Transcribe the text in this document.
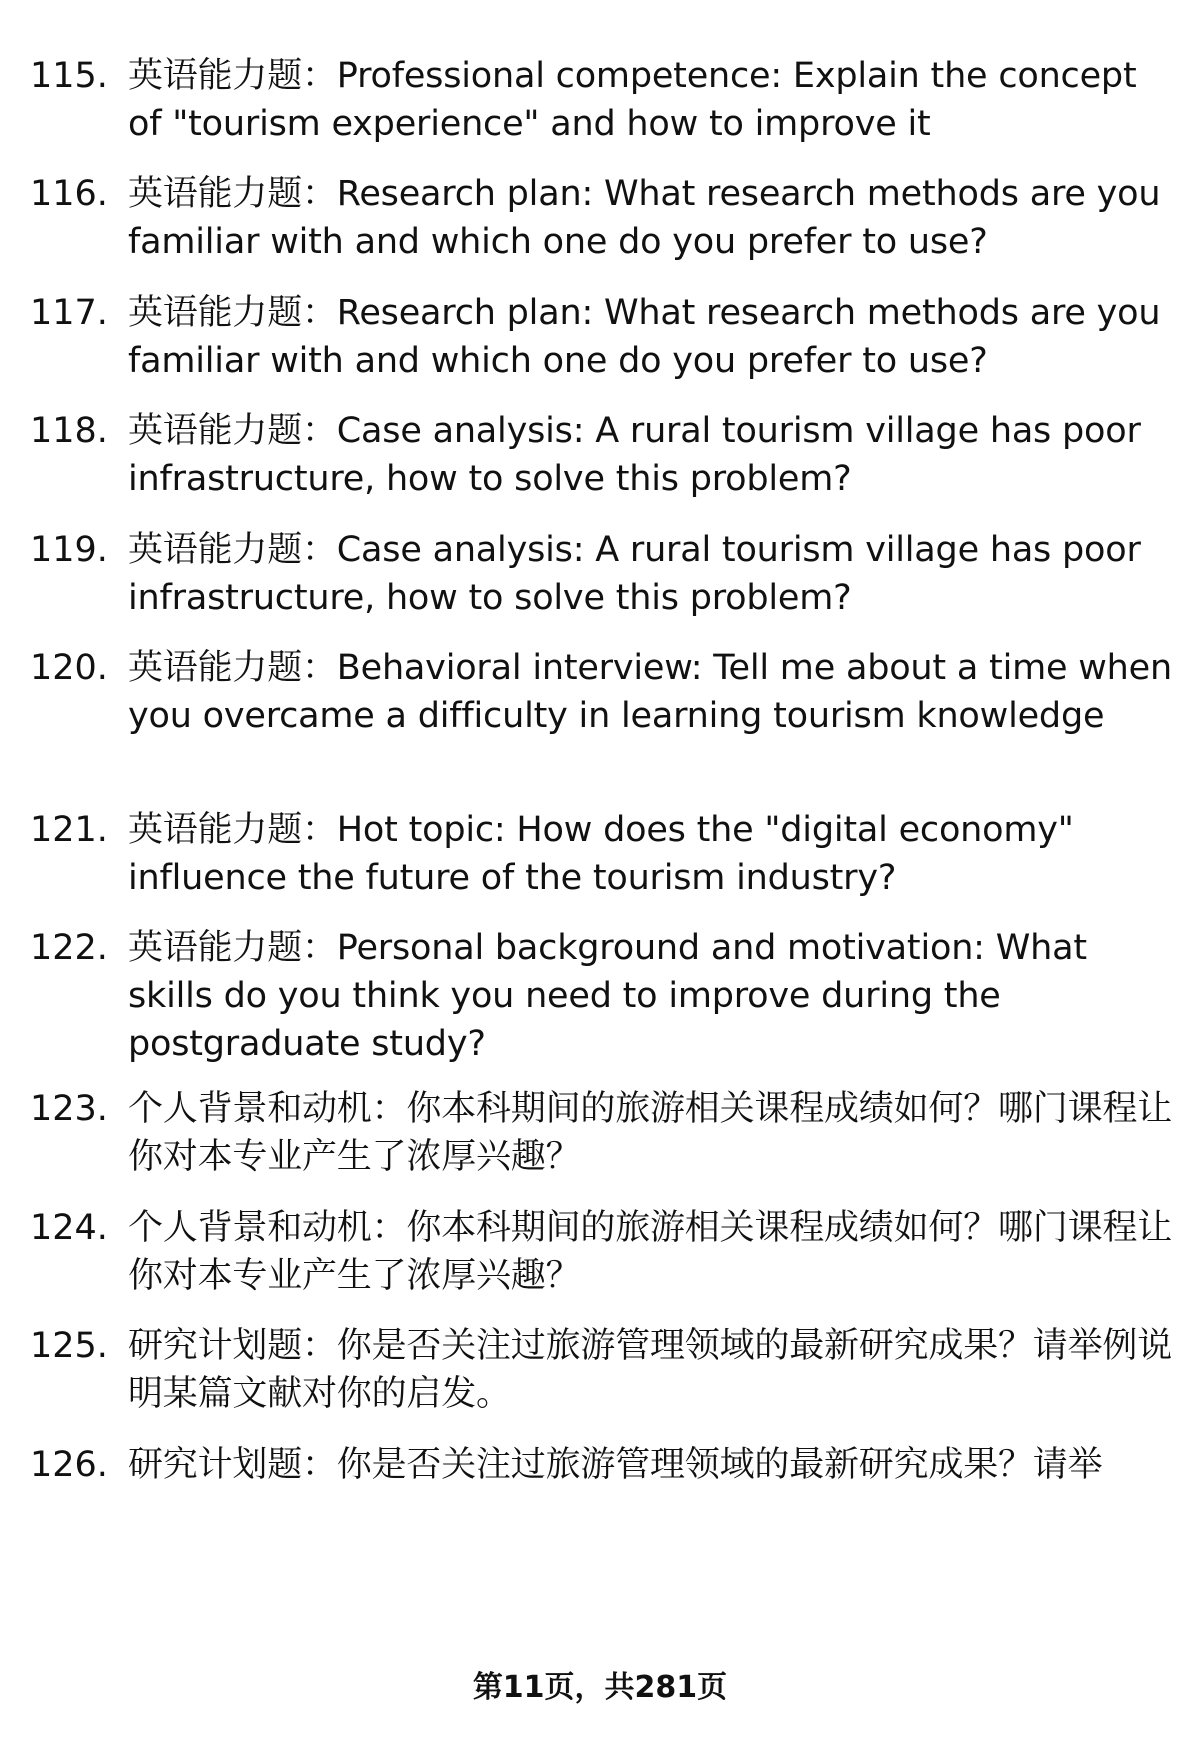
115. 英语能力题：Professional competence: Explain the concept of "tourism experience" and how to improve it
116. 英语能力题：Research plan: What research methods are you familiar with and which one do you prefer to use?
117. 英语能力题：Research plan: What research methods are you familiar with and which one do you prefer to use?
118. 英语能力题：Case analysis: A rural tourism village has poor infrastructure, how to solve this problem?
119. 英语能力题：Case analysis: A rural tourism village has poor infrastructure, how to solve this problem?
120. 英语能力题：Behavioral interview: Tell me about a time when you overcame a difficulty in learning tourism knowledge
121. 英语能力题：Hot topic: How does the "digital economy" influence the future of the tourism industry?
122. 英语能力题：Personal background and motivation: What skills do you think you need to improve during the postgraduate study?
123. 个人背景和动机：你本科期间的旅游相关课程成绩如何？哪门课程让你对本专业产生了浓厚兴趣？
124. 个人背景和动机：你本科期间的旅游相关课程成绩如何？哪门课程让你对本专业产生了浓厚兴趣？
125. 研究计划题：你是否关注过旅游管理领域的最新研究成果？请举例说明某篇文献对你的启发。
126. 研究计划题：你是否关注过旅游管理领域的最新研究成果？请举
第11页，共281页
